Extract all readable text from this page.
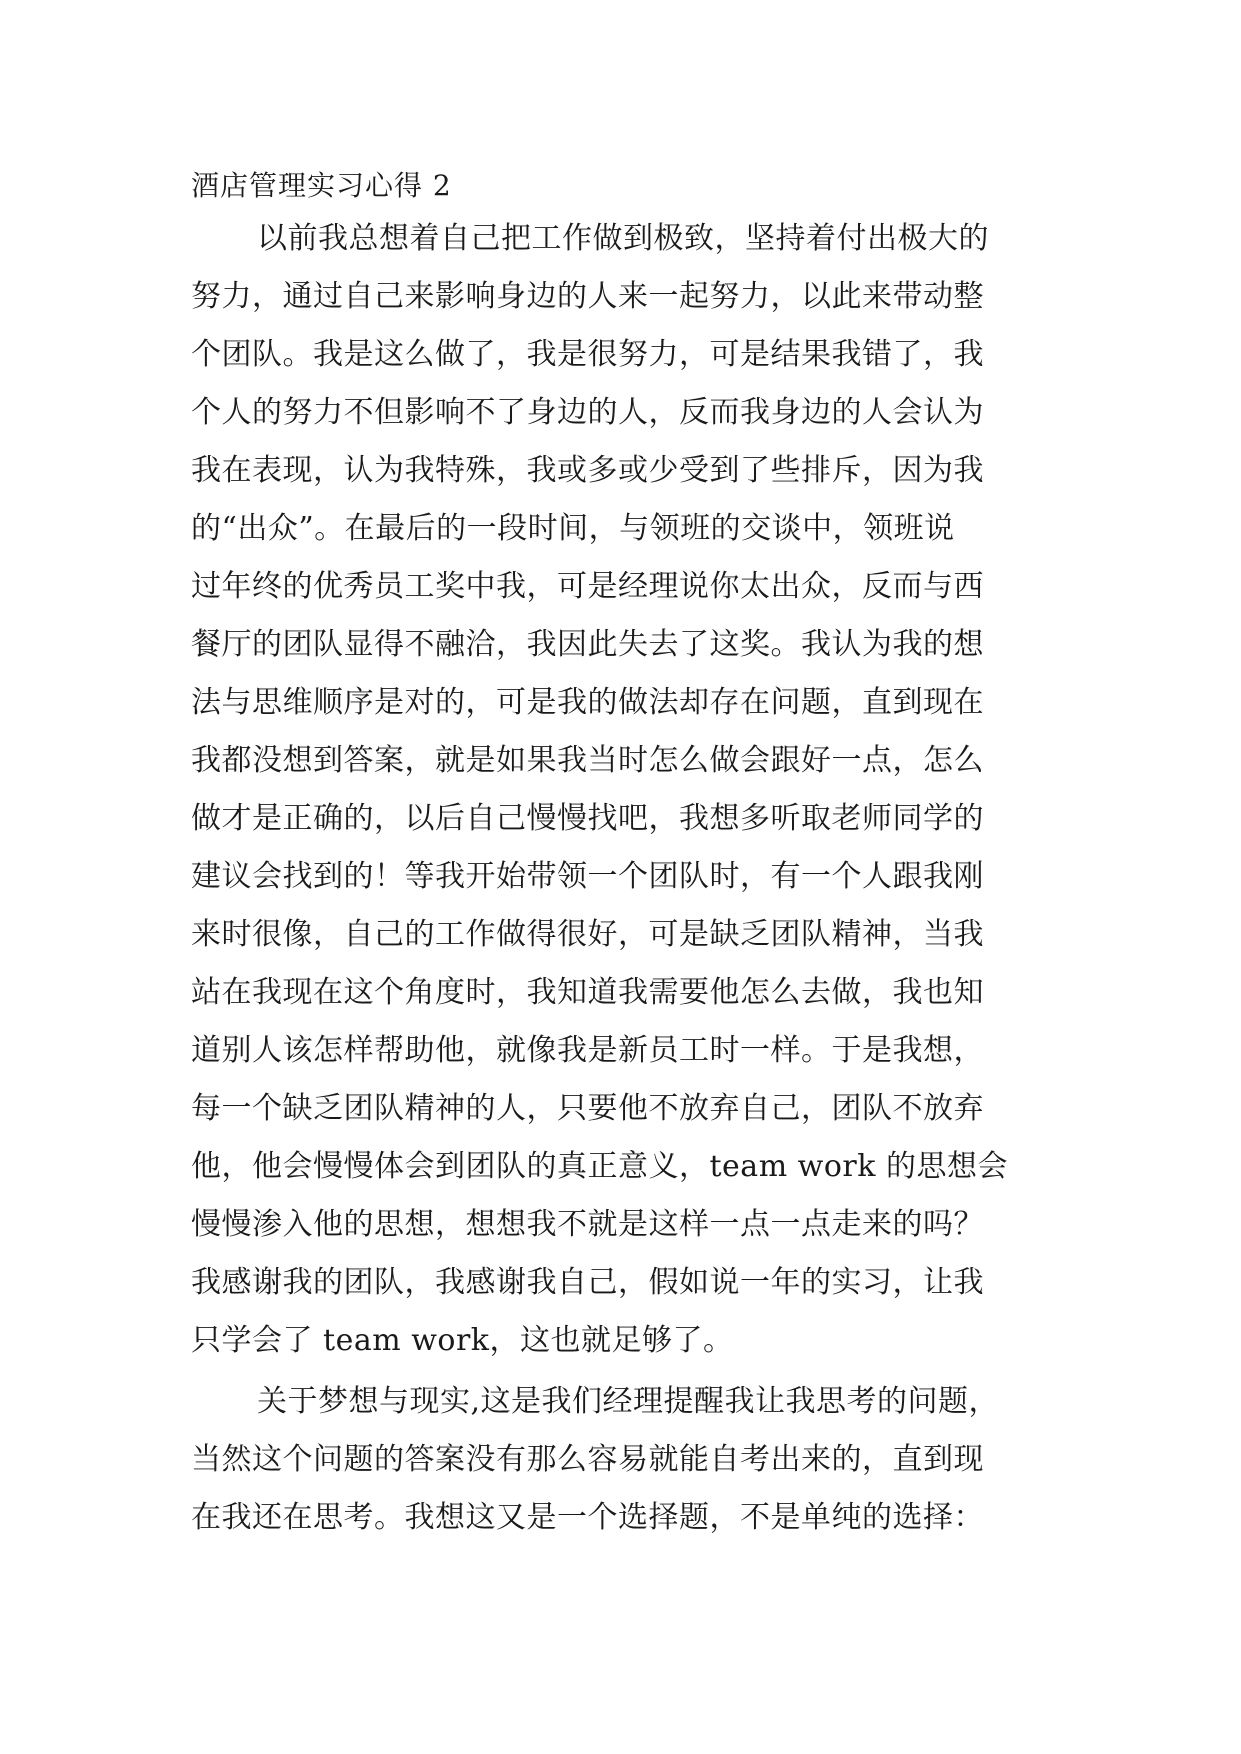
酒店管理实习心得 2
以前我总想着自己把工作做到极致，坚持着付出极大的
努力，通过自己来影响身边的人来一起努力，以此来带动整
个团队。我是这么做了，我是很努力，可是结果我错了，我
个人的努力不但影响不了身边的人，反而我身边的人会认为
我在表现，认为我特殊，我或多或少受到了些排斥，因为我
的“出众”。在最后的一段时间，与领班的交谈中，领班说
过年终的优秀员工奖中我，可是经理说你太出众，反而与西
餐厅的团队显得不融洽，我因此失去了这奖。我认为我的想
法与思维顺序是对的，可是我的做法却存在问题，直到现在
我都没想到答案，就是如果我当时怎么做会跟好一点，怎么
做才是正确的，以后自己慢慢找吧，我想多听取老师同学的
建议会找到的！等我开始带领一个团队时，有一个人跟我刚
来时很像，自己的工作做得很好，可是缺乏团队精神，当我
站在我现在这个角度时，我知道我需要他怎么去做，我也知
道别人该怎样帮助他，就像我是新员工时一样。于是我想，
每一个缺乏团队精神的人，只要他不放弃自己，团队不放弃
他，他会慢慢体会到团队的真正意义，team work 的思想会
慢慢渗入他的思想，想想我不就是这样一点一点走来的吗？
我感谢我的团队，我感谢我自己，假如说一年的实习，让我
只学会了 team work，这也就足够了。
关于梦想与现实,这是我们经理提醒我让我思考的问题，
当然这个问题的答案没有那么容易就能自考出来的，直到现
在我还在思考。我想这又是一个选择题，不是单纯的选择：
